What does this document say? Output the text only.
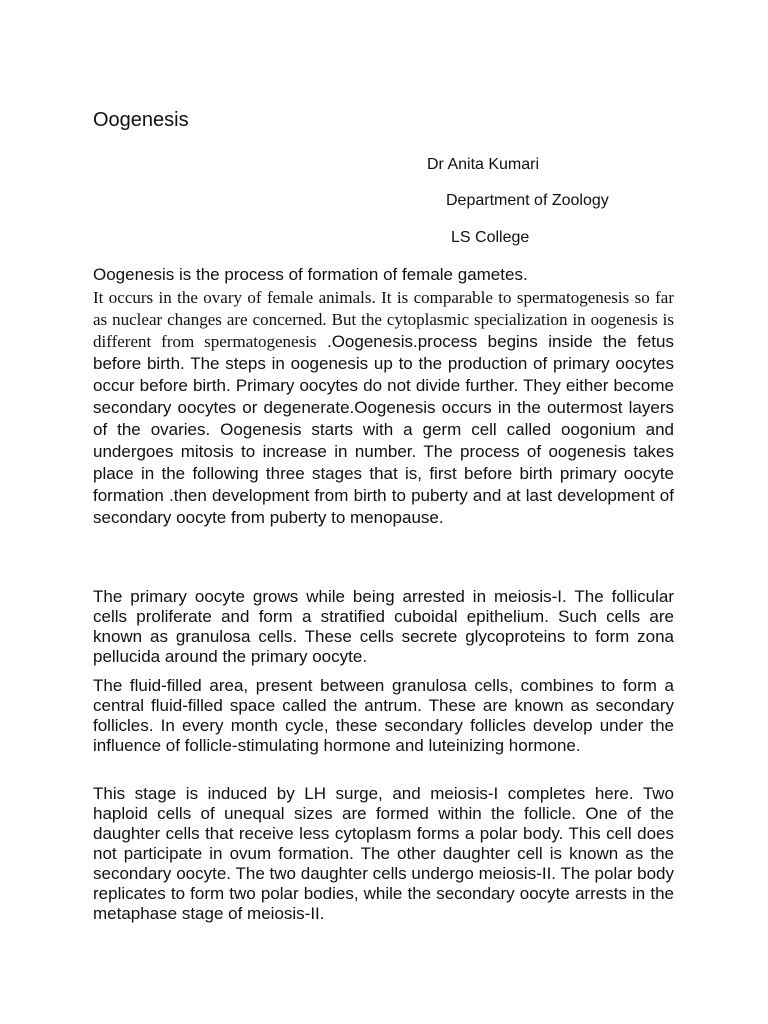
Oogenesis
Dr Anita Kumari
Department of Zoology
LS College
Oogenesis is the process of formation of female gametes.

It occurs in the ovary of female animals. It is comparable to spermatogenesis so far as nuclear changes are concerned. But the cytoplasmic specialization in oogenesis is different from spermatogenesis .Oogenesis.process begins inside the fetus before birth. The steps in oogenesis up to the production of primary oocytes occur before birth. Primary oocytes do not divide further. They either become secondary oocytes or degenerate.Oogenesis occurs in the outermost layers of the ovaries. Oogenesis starts with a germ cell called oogonium and undergoes mitosis to increase in number. The process of oogenesis takes place in the following three stages that is, first before birth primary oocyte formation .then development from birth to puberty and at last development of secondary oocyte from puberty to menopause.

The primary oocyte grows while being arrested in meiosis-I. The follicular cells proliferate and form a stratified cuboidal epithelium. Such cells are known as granulosa cells. These cells secrete glycoproteins to form zona pellucida around the primary oocyte.

The fluid-filled area, present between granulosa cells, combines to form a central fluid-filled space called the antrum. These are known as secondary follicles. In every month cycle, these secondary follicles develop under the influence of follicle-stimulating hormone and luteinizing hormone.

This stage is induced by LH surge, and meiosis-I completes here. Two haploid cells of unequal sizes are formed within the follicle. One of the daughter cells that receive less cytoplasm forms a polar body. This cell does not participate in ovum formation. The other daughter cell is known as the secondary oocyte. The two daughter cells undergo meiosis-II. The polar body replicates to form two polar bodies, while the secondary oocyte arrests in the metaphase stage of meiosis-II.
